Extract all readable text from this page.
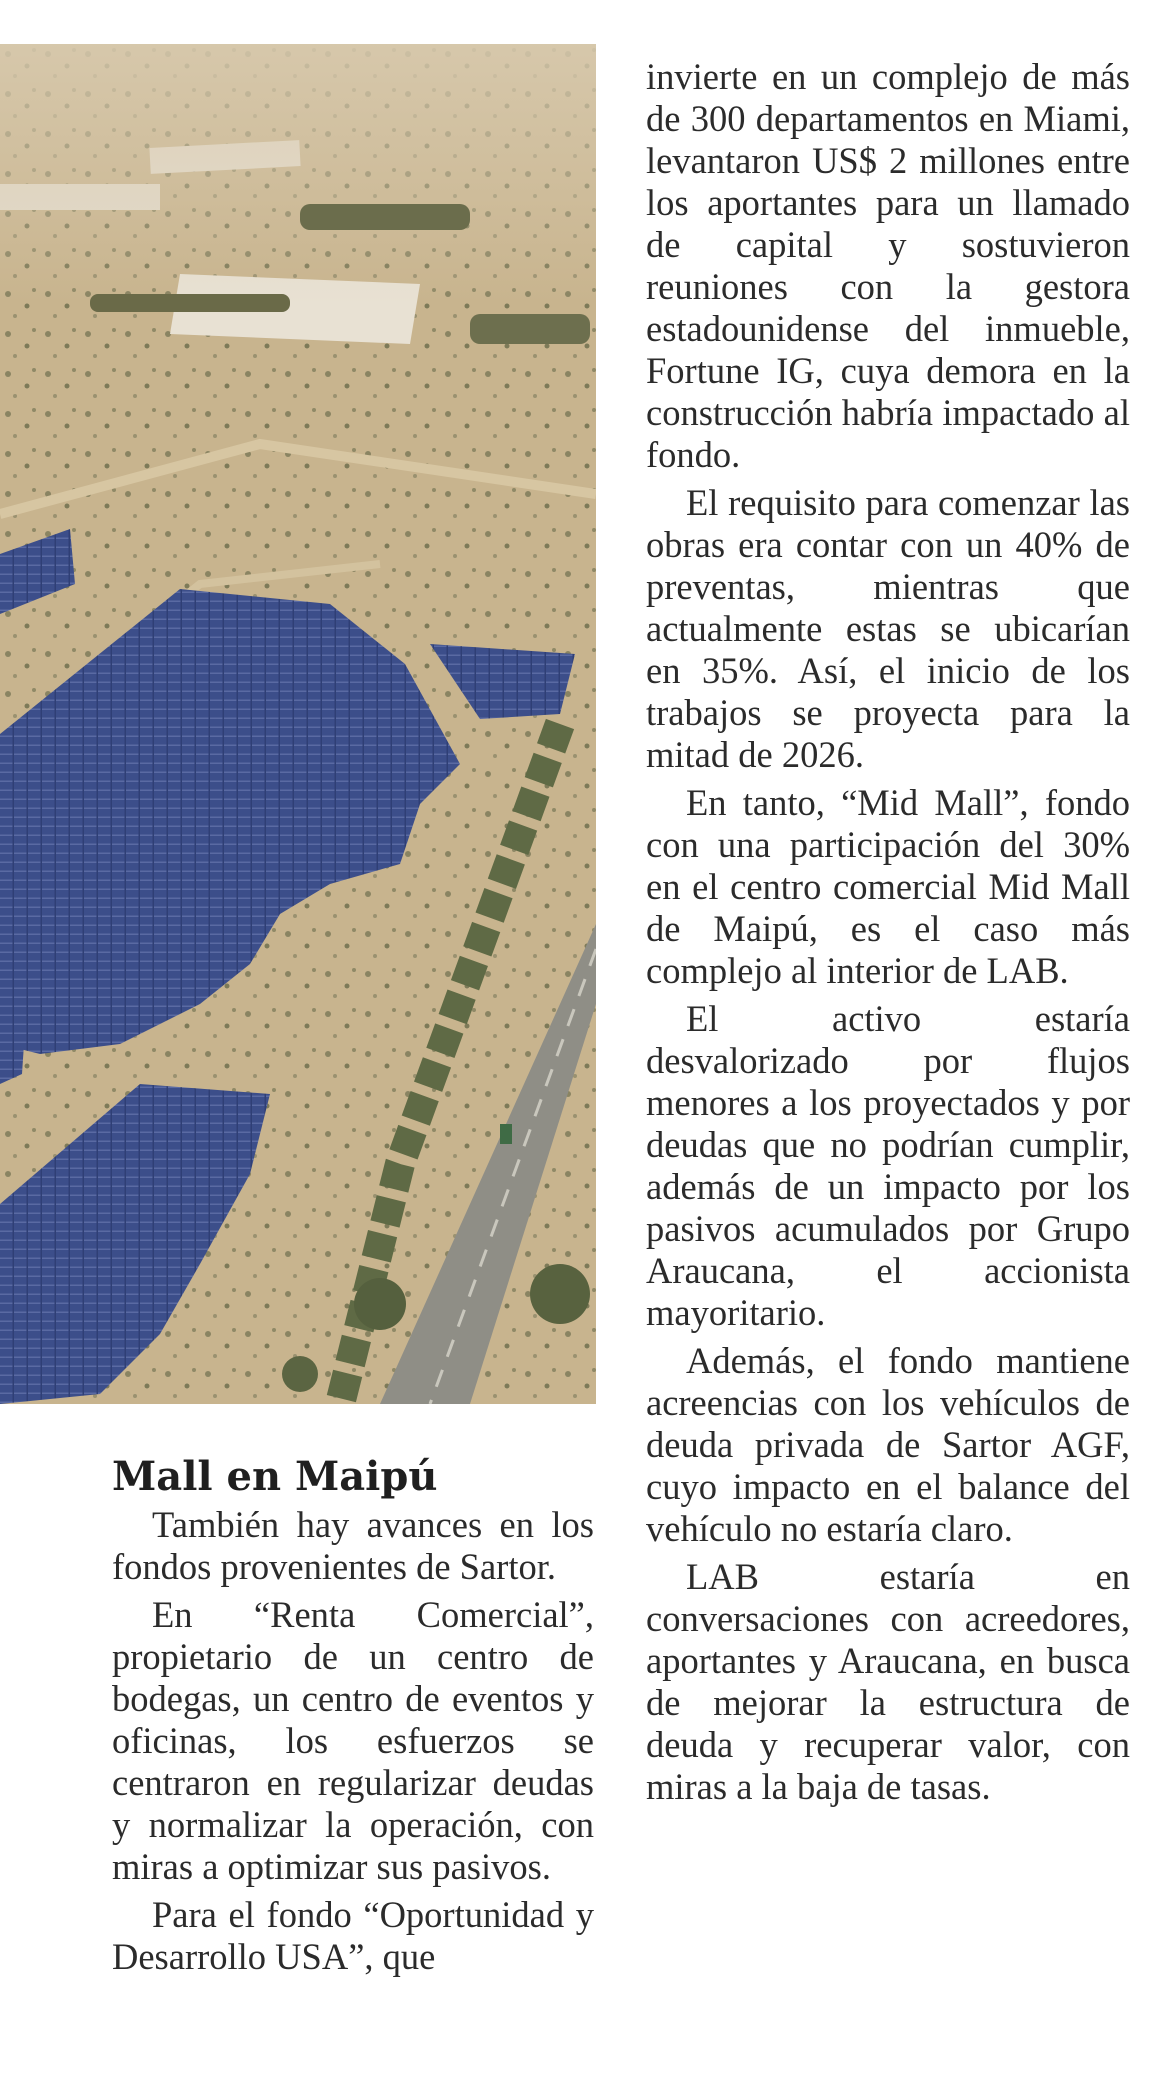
Mall en Maipú

También hay avances en los fondos provenientes de Sartor.

En “Renta Comercial”, propietario de un centro de bodegas, un centro de eventos y oficinas, los esfuerzos se centraron en regularizar deudas y normalizar la operación, con miras a optimizar sus pasivos.

Para el fondo “Oportunidad y Desarrollo USA”, que

invierte en un complejo de más de 300 departamentos en Miami, levantaron US$ 2 millones entre los aportantes para un llamado de capital y sostuvieron reuniones con la gestora estadounidense del inmueble, Fortune IG, cuya demora en la construcción habría impactado al fondo.

El requisito para comenzar las obras era contar con un 40% de preventas, mientras que actualmente estas se ubicarían en 35%. Así, el inicio de los trabajos se proyecta para la mitad de 2026.

En tanto, “Mid Mall”, fondo con una participación del 30% en el centro comercial Mid Mall de Maipú, es el caso más complejo al interior de LAB.

El activo estaría desvalorizado por flujos menores a los proyectados y por deudas que no podrían cumplir, además de un impacto por los pasivos acumulados por Grupo Araucana, el accionista mayoritario.

Además, el fondo mantiene acreencias con los vehículos de deuda privada de Sartor AGF, cuyo impacto en el balance del vehículo no estaría claro.

LAB estaría en conversaciones con acreedores, aportantes y Araucana, en busca de mejorar la estructura de deuda y recuperar valor, con miras a la baja de tasas.
